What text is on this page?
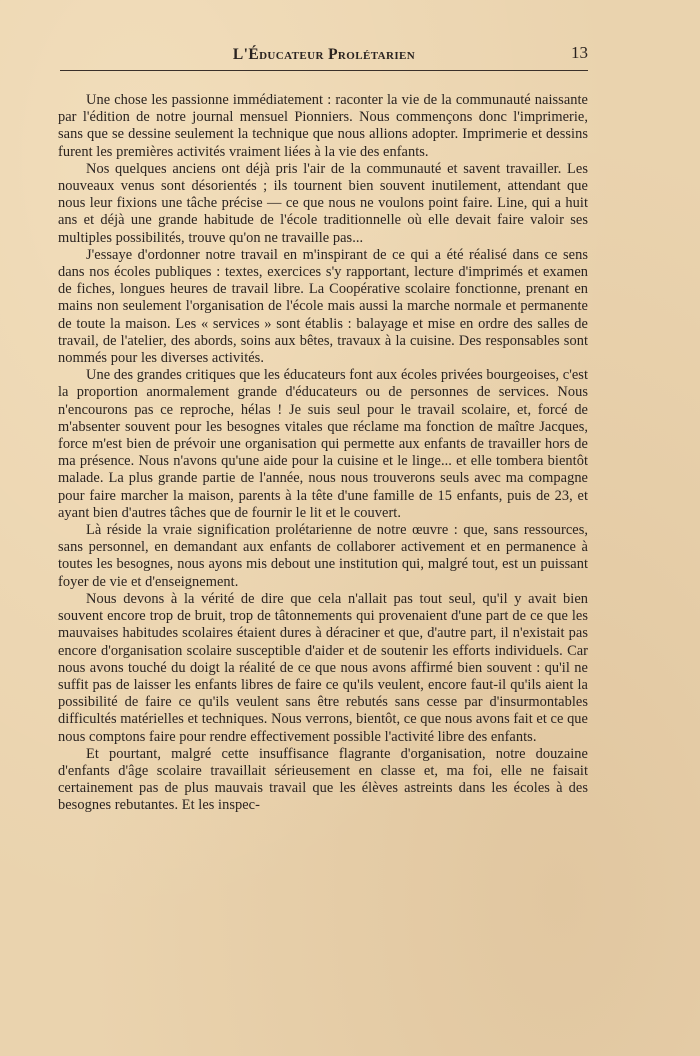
L'Éducateur Prolétarien	13

Une chose les passionne immédiatement : raconter la vie de la communauté naissante par l'édition de notre journal mensuel Pionniers. Nous commençons donc l'imprimerie, sans que se dessine seulement la technique que nous allions adopter. Imprimerie et dessins furent les premières activités vraiment liées à la vie des enfants.

Nos quelques anciens ont déjà pris l'air de la communauté et savent travailler. Les nouveaux venus sont désorientés ; ils tournent bien souvent inutilement, attendant que nous leur fixions une tâche précise — ce que nous ne voulons point faire. Line, qui a huit ans et déjà une grande habitude de l'école traditionnelle où elle devait faire valoir ses multiples possibilités, trouve qu'on ne travaille pas...

J'essaye d'ordonner notre travail en m'inspirant de ce qui a été réalisé dans ce sens dans nos écoles publiques : textes, exercices s'y rapportant, lecture d'imprimés et examen de fiches, longues heures de travail libre. La Coopérative scolaire fonctionne, prenant en mains non seulement l'organisation de l'école mais aussi la marche normale et permanente de toute la maison. Les « services » sont établis : balayage et mise en ordre des salles de travail, de l'atelier, des abords, soins aux bêtes, travaux à la cuisine. Des responsables sont nommés pour les diverses activités.

Une des grandes critiques que les éducateurs font aux écoles privées bourgeoises, c'est la proportion anormalement grande d'éducateurs ou de personnes de services. Nous n'encourons pas ce reproche, hélas ! Je suis seul pour le travail scolaire, et, forcé de m'absenter souvent pour les besognes vitales que réclame ma fonction de maître Jacques, force m'est bien de prévoir une organisation qui permette aux enfants de travailler hors de ma présence. Nous n'avons qu'une aide pour la cuisine et le linge... et elle tombera bientôt malade. La plus grande partie de l'année, nous nous trouverons seuls avec ma compagne pour faire marcher la maison, parents à la tête d'une famille de 15 enfants, puis de 23, et ayant bien d'autres tâches que de fournir le lit et le couvert.

Là réside la vraie signification prolétarienne de notre œuvre : que, sans ressources, sans personnel, en demandant aux enfants de collaborer activement et en permanence à toutes les besognes, nous ayons mis debout une institution qui, malgré tout, est un puissant foyer de vie et d'enseignement.

Nous devons à la vérité de dire que cela n'allait pas tout seul, qu'il y avait bien souvent encore trop de bruit, trop de tâtonnements qui provenaient d'une part de ce que les mauvaises habitudes scolaires étaient dures à déraciner et que, d'autre part, il n'existait pas encore d'organisation scolaire susceptible d'aider et de soutenir les efforts individuels. Car nous avons touché du doigt la réalité de ce que nous avons affirmé bien souvent : qu'il ne suffit pas de laisser les enfants libres de faire ce qu'ils veulent, encore faut-il qu'ils aient la possibilité de faire ce qu'ils veulent sans être rebutés sans cesse par d'insurmontables difficultés matérielles et techniques. Nous verrons, bientôt, ce que nous avons fait et ce que nous comptons faire pour rendre effectivement possible l'activité libre des enfants.

Et pourtant, malgré cette insuffisance flagrante d'organisation, notre douzaine d'enfants d'âge scolaire travaillait sérieusement en classe et, ma foi, elle ne faisait certainement pas de plus mauvais travail que les élèves astreints dans les écoles à des besognes rebutantes. Et les inspec-
